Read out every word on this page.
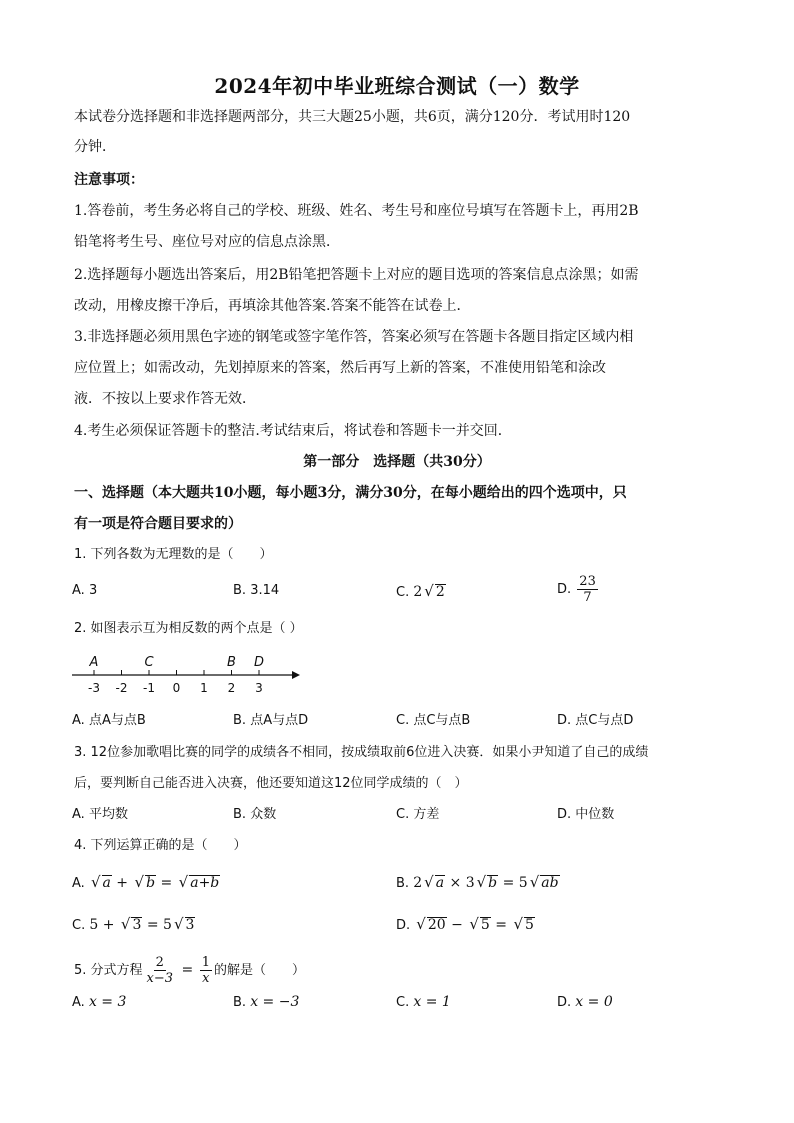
2024年初中毕业班综合测试（一）数学
本试卷分选择题和非选择题两部分，共三大题25小题，共6页，满分120分．考试用时120
分钟．
注意事项：
1.答卷前，考生务必将自己的学校、班级、姓名、考生号和座位号填写在答题卡上，再用2B
铅笔将考生号、座位号对应的信息点涂黑．
2.选择题每小题选出答案后，用2B铅笔把答题卡上对应的题目选项的答案信息点涂黑；如需
改动，用橡皮擦干净后，再填涂其他答案.答案不能答在试卷上．
3.非选择题必须用黑色字迹的钢笔或签字笔作答，答案必须写在答题卡各题目指定区域内相
应位置上；如需改动，先划掉原来的答案，然后再写上新的答案，不准使用铅笔和涂改
液．不按以上要求作答无效．
4.考生必须保证答题卡的整洁.考试结束后，将试卷和答题卡一并交回．
第一部分　选择题（共30分）
一、选择题（本大题共10小题，每小题3分，满分30分，在每小题给出的四个选项中，只
有一项是符合题目要求的）
1. 下列各数为无理数的是（　　）
A. 3	B. 3.14	C. 2 √ 2	D. $\frac{23}{7}$
2. 如图表示互为相反数的两个点是（ ）
-3 -2 -1 0 1 2 3
A	C	B D
A. 点A与点B	B. 点A与点D	C. 点C与点B	D. 点C与点D
3. 12位参加歌唱比赛的同学的成绩各不相同，按成绩取前6位进入决赛．如果小尹知道了自己的成绩
后，要判断自己能否进入决赛，他还要知道这12位同学成绩的（　）
A. 平均数	B. 众数	C. 方差	D. 中位数
4. 下列运算正确的是（　　）
A. √ a + √ b = √ a+b	B. 2 √ a × 3 √ b = 5 √ ab
C. 5 + √ 3 = 5 √ 3	D. √ 20 − √ 5 = √ 5
5. 分式方程 $\frac{2}{x-3} = \frac{1}{x}$ 的解是（　　）
A. x = 3	B. x = −3	C. x = 1	D. x = 0
